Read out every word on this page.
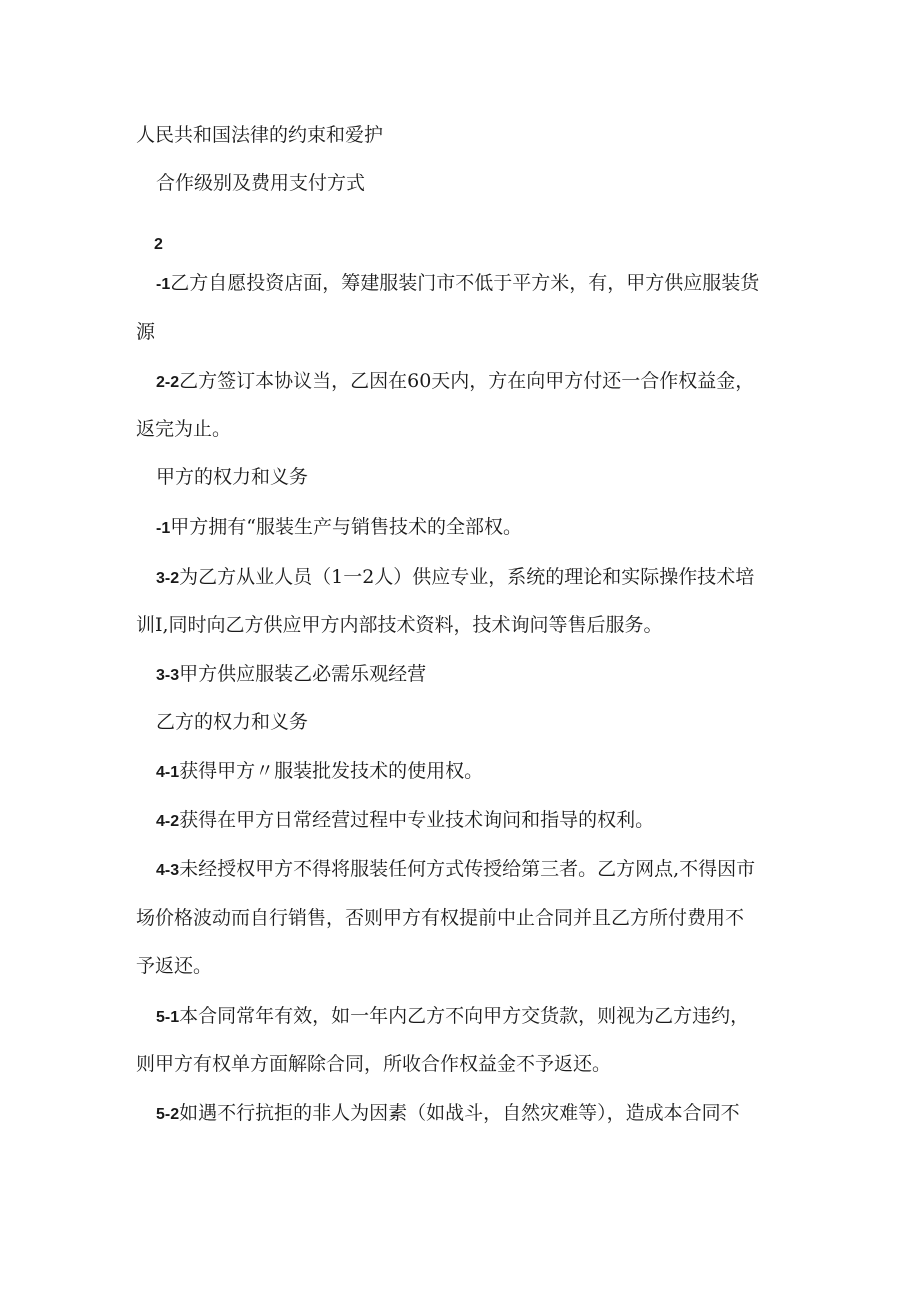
人民共和国法律的约束和爱护
合作级别及费用支付方式
2
-1乙方自愿投资店面，筹建服装门市不低于平方米，有，甲方供应服装货
源
2-2乙方签订本协议当，乙因在60天内，方在向甲方付还一合作权益金，
返完为止。
甲方的权力和义务
-1甲方拥有“服装生产与销售技术的全部权。
3-2为乙方从业人员（1一2人）供应专业，系统的理论和实际操作技术培
训I,同时向乙方供应甲方内部技术资料，技术询问等售后服务。
3-3甲方供应服装乙必需乐观经营
乙方的权力和义务
4-1获得甲方〃服装批发技术的使用权。
4-2获得在甲方日常经营过程中专业技术询问和指导的权利。
4-3未经授权甲方不得将服装任何方式传授给第三者。乙方网点,不得因市
场价格波动而自行销售，否则甲方有权提前中止合同并且乙方所付费用不
予返还。
5-1本合同常年有效，如一年内乙方不向甲方交货款，则视为乙方违约，
则甲方有权单方面解除合同，所收合作权益金不予返还。
5-2如遇不行抗拒的非人为因素（如战斗，自然灾难等），造成本合同不
